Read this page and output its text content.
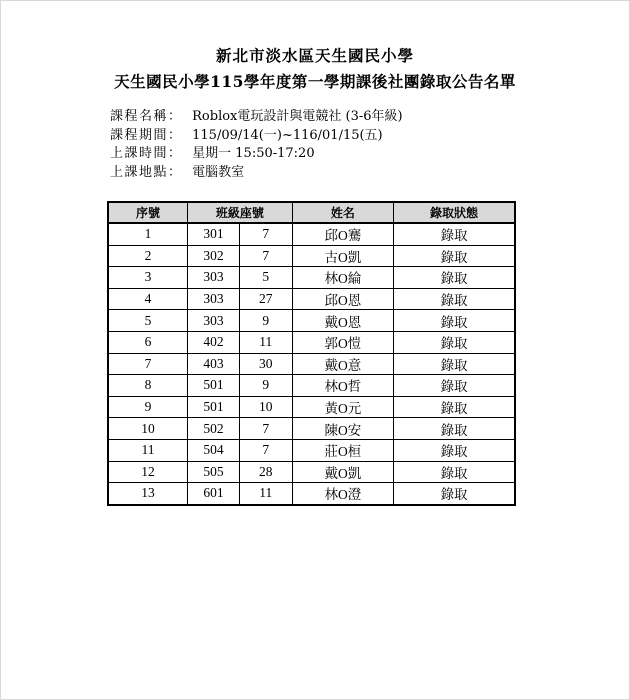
新北市淡水區天生國民小學
天生國民小學115學年度第一學期課後社團錄取公告名單
課程名稱： Roblox電玩設計與電競社 (3-6年級)
課程期間： 115/09/14(一)~116/01/15(五)
上課時間： 星期一 15:50-17:20
上課地點： 電腦教室
序號	班級座號		姓名	錄取狀態
1	301	7	邱O騫	錄取
2	302	7	古O凱	錄取
3	303	5	林O綸	錄取
4	303	27	邱O恩	錄取
5	303	9	戴O恩	錄取
6	402	11	郭O愷	錄取
7	403	30	戴O意	錄取
8	501	9	林O哲	錄取
9	501	10	黃O元	錄取
10	502	7	陳O安	錄取
11	504	7	莊O桓	錄取
12	505	28	戴O凱	錄取
13	601	11	林O澄	錄取
